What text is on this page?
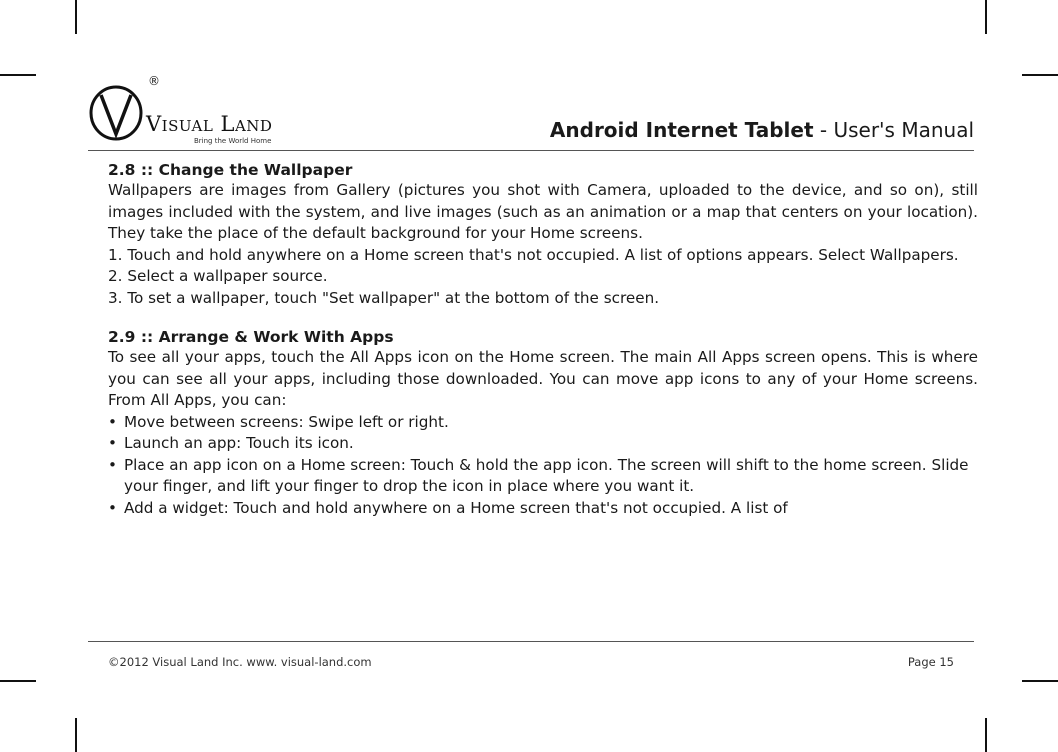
®
Visual Land
Bring the World Home	Android Internet Tablet - User's Manual
2.8 :: Change the Wallpaper

Wallpapers are images from Gallery (pictures you shot with Camera, uploaded to the device, and so on), still images included with the system, and live images (such as an animation or a map that centers on your location). They take the place of the default background for your Home screens.

1. Touch and hold anywhere on a Home screen that's not occupied. A list of options appears. Select Wallpapers.
2. Select a wallpaper source.
3. To set a wallpaper, touch "Set wallpaper" at the bottom of the screen.
2.9 :: Arrange & Work With Apps

To see all your apps, touch the All Apps icon on the Home screen. The main All Apps screen opens. This is where you can see all your apps, including those downloaded. You can move app icons to any of your Home screens. From All Apps, you can:

• Move between screens: Swipe left or right.
• Launch an app: Touch its icon.
• Place an app icon on a Home screen: Touch & hold the app icon. The screen will shift to the home screen. Slide your finger, and lift your finger to drop the icon in place where you want it.
• Add a widget: Touch and hold anywhere on a Home screen that's not occupied. A list of
©2012 Visual Land Inc. www. visual-land.com	Page 15
